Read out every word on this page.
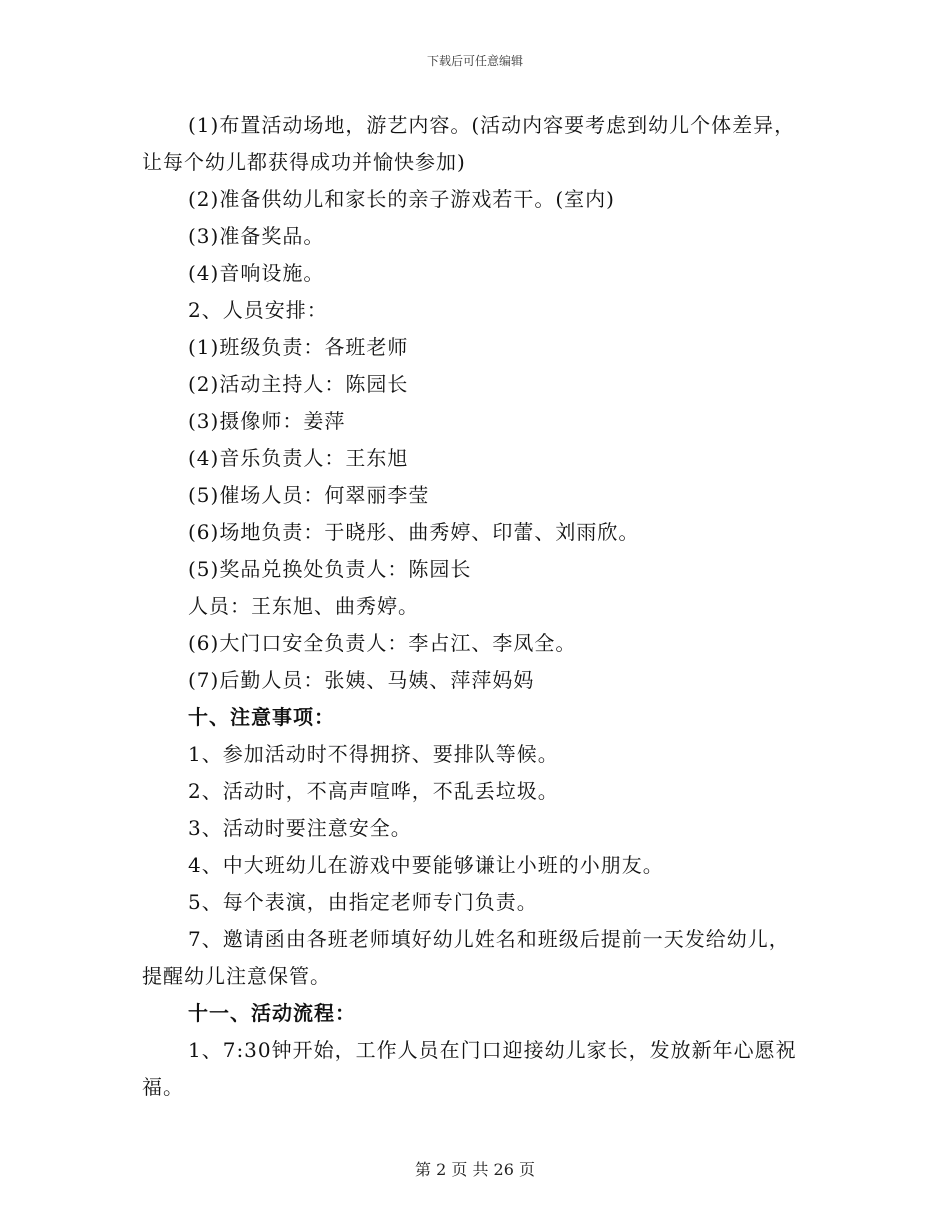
下载后可任意编辑
(1)布置活动场地，游艺内容。(活动内容要考虑到幼儿个体差异，
让每个幼儿都获得成功并愉快参加)
(2)准备供幼儿和家长的亲子游戏若干。(室内)
(3)准备奖品。
(4)音响设施。
2、人员安排：
(1)班级负责：各班老师
(2)活动主持人：陈园长
(3)摄像师：姜萍
(4)音乐负责人：王东旭
(5)催场人员：何翠丽李莹
(6)场地负责：于晓彤、曲秀婷、印蕾、刘雨欣。
(5)奖品兑换处负责人：陈园长
人员：王东旭、曲秀婷。
(6)大门口安全负责人：李占江、李凤全。
(7)后勤人员：张姨、马姨、萍萍妈妈
十、注意事项：
1、参加活动时不得拥挤、要排队等候。
2、活动时，不高声喧哗，不乱丢垃圾。
3、活动时要注意安全。
4、中大班幼儿在游戏中要能够谦让小班的小朋友。
5、每个表演，由指定老师专门负责。
7、邀请函由各班老师填好幼儿姓名和班级后提前一天发给幼儿，
提醒幼儿注意保管。
十一、活动流程：
1、7:30钟开始，工作人员在门口迎接幼儿家长，发放新年心愿祝
福。
第 2 页 共 26 页
